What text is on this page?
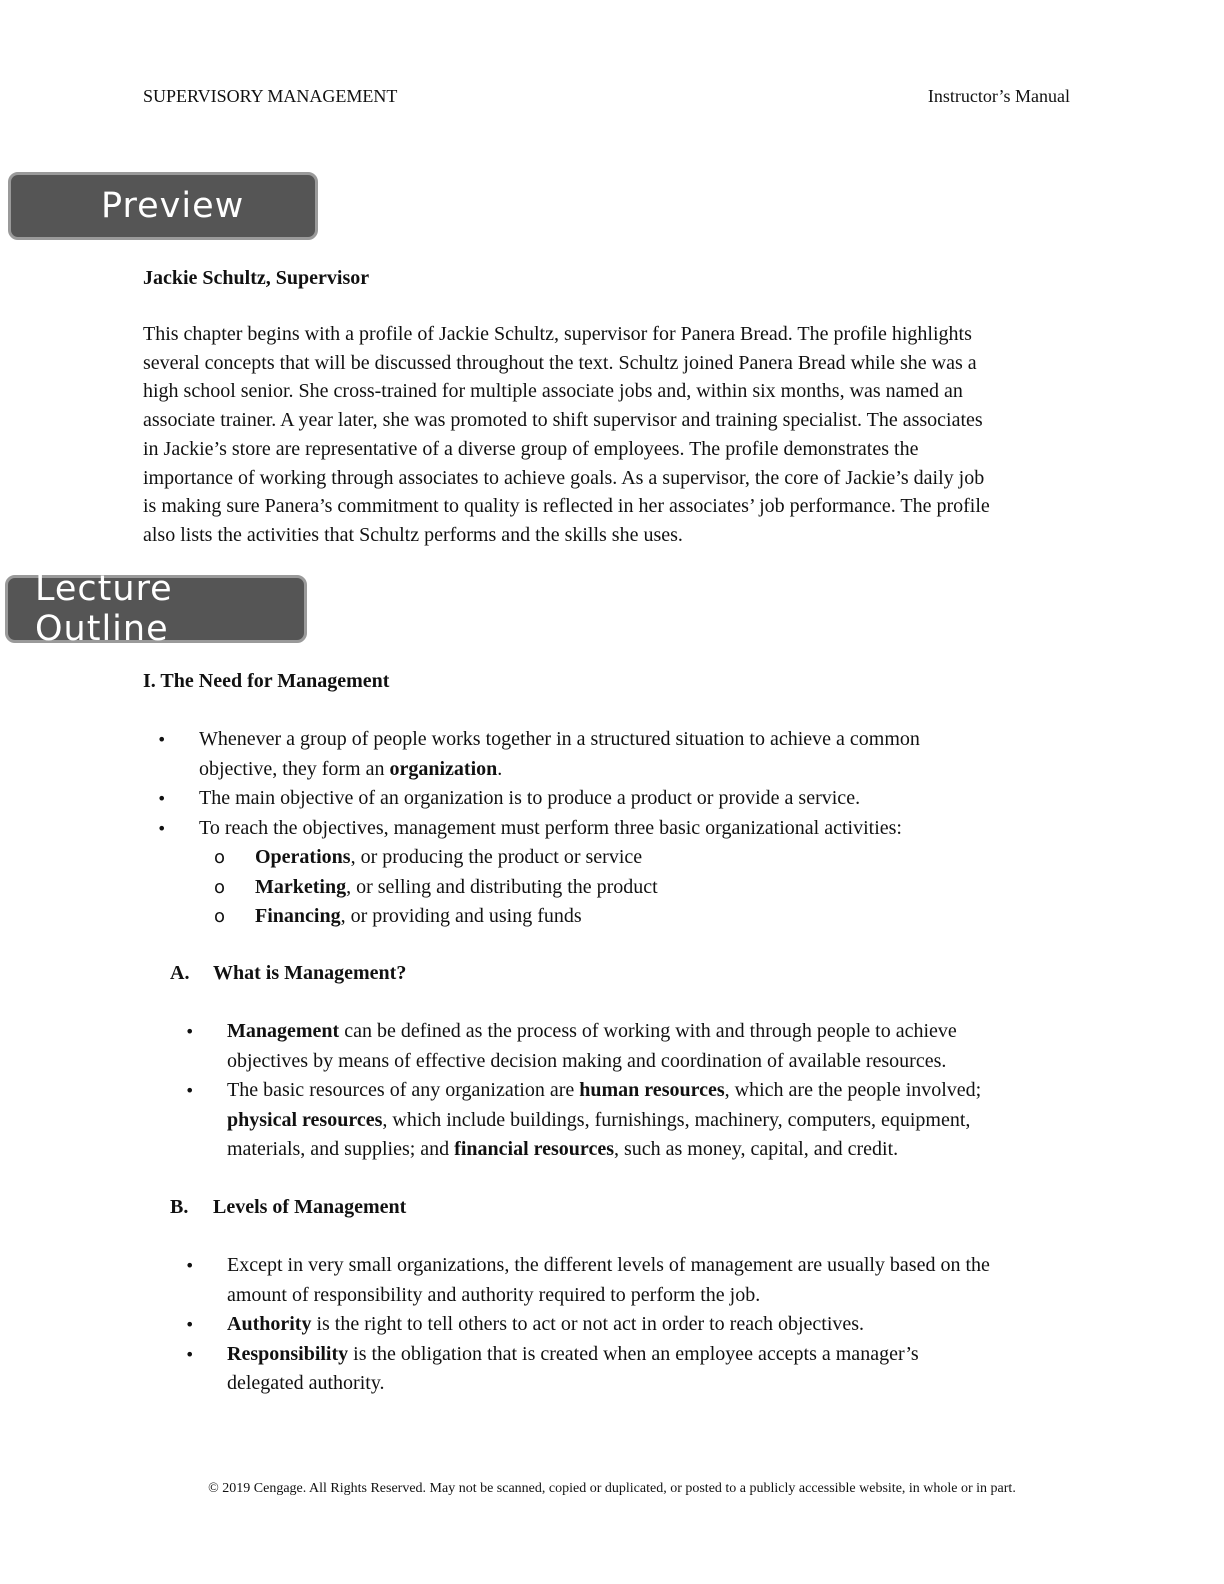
SUPERVISORY MANAGEMENT	Instructor’s Manual
Preview
Jackie Schultz, Supervisor

This chapter begins with a profile of Jackie Schultz, supervisor for Panera Bread. The profile highlights
several concepts that will be discussed throughout the text. Schultz joined Panera Bread while she was a
high school senior. She cross-trained for multiple associate jobs and, within six months, was named an
associate trainer. A year later, she was promoted to shift supervisor and training specialist. The associates
in Jackie’s store are representative of a diverse group of employees. The profile demonstrates the
importance of working through associates to achieve goals. As a supervisor, the core of Jackie’s daily job
is making sure Panera’s commitment to quality is reflected in her associates’ job performance. The profile
also lists the activities that Schultz performs and the skills she uses.

Lecture Outline
I. The Need for Management
• Whenever a group of people works together in a structured situation to achieve a common
objective, they form an organization.
• The main objective of an organization is to produce a product or provide a service.
• To reach the objectives, management must perform three basic organizational activities:
o Operations, or producing the product or service
o Marketing, or selling and distributing the product
o Financing, or providing and using funds
A. What is Management?
• Management can be defined as the process of working with and through people to achieve
objectives by means of effective decision making and coordination of available resources.
• The basic resources of any organization are human resources, which are the people involved;
physical resources, which include buildings, furnishings, machinery, computers, equipment,
materials, and supplies; and financial resources, such as money, capital, and credit.
B. Levels of Management
• Except in very small organizations, the different levels of management are usually based on the
amount of responsibility and authority required to perform the job.
• Authority is the right to tell others to act or not act in order to reach objectives.
• Responsibility is the obligation that is created when an employee accepts a manager’s
delegated authority.
© 2019 Cengage. All Rights Reserved. May not be scanned, copied or duplicated, or posted to a publicly accessible website, in whole or in part.
